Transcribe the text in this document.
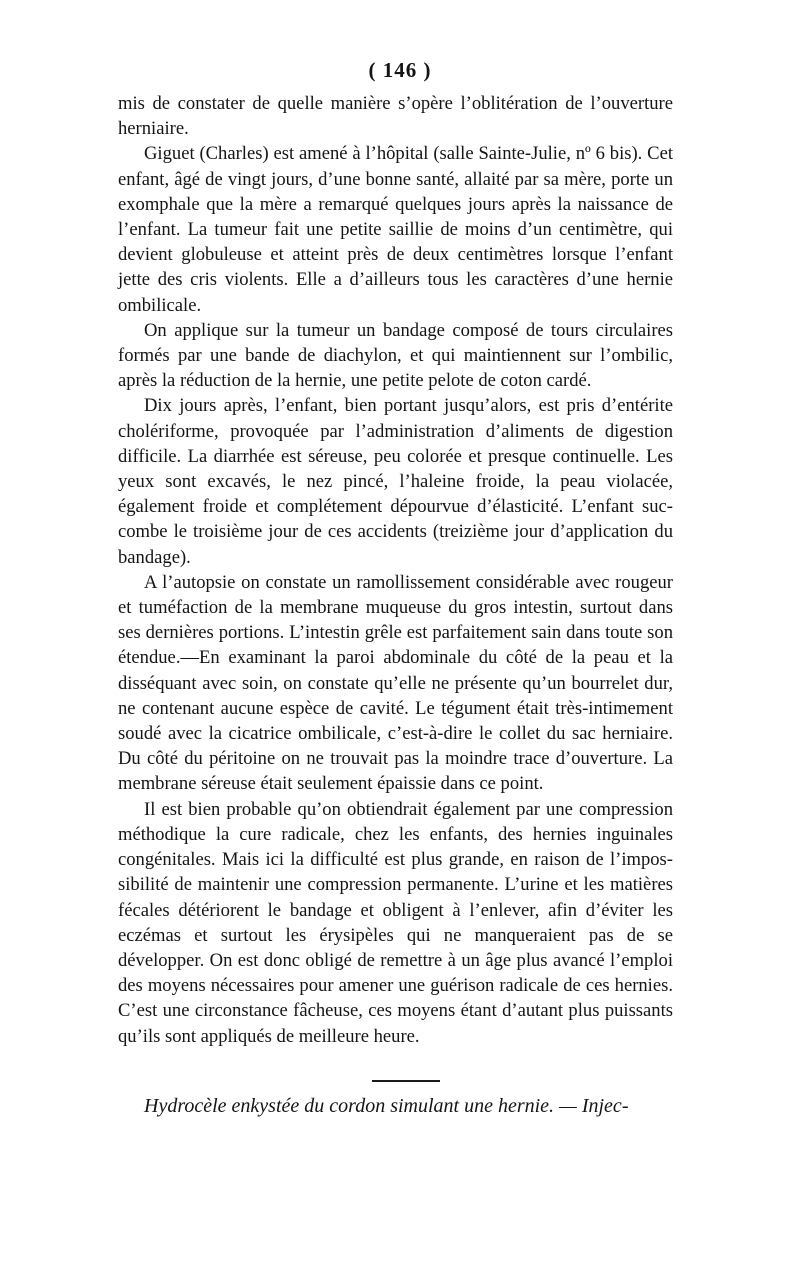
( 146 )

mis de constater de quelle manière s’opère l’oblitération de l’ouverture herniaire.

Giguet (Charles) est amené à l’hôpital (salle Sainte-Julie, nº 6 bis). Cet enfant, âgé de vingt jours, d’une bonne santé, allaité par sa mère, porte un exomphale que la mère a remarqué quelques jours après la naissance de l’enfant. La tumeur fait une petite saillie de moins d’un centimètre, qui devient globuleuse et atteint près de deux centimètres lorsque l’enfant jette des cris violents. Elle a d’ailleurs tous les caractères d’une hernie ombilicale.

On applique sur la tumeur un bandage composé de tours circulaires formés par une bande de diachylon, et qui maintiennent sur l’ombilic, après la réduction de la hernie, une petite pelote de coton cardé.

Dix jours après, l’enfant, bien portant jusqu’alors, est pris d’entérite cholériforme, provoquée par l’administration d’aliments de digestion difficile. La diarrhée est séreuse, peu colorée et presque continuelle. Les yeux sont excavés, le nez pincé, l’haleine froide, la peau violacée, également froide et complétement dépourvue d’élasticité. L’enfant succombe le troisième jour de ces accidents (treizième jour d’application du bandage).

A l’autopsie on constate un ramollissement considérable avec rougeur et tuméfaction de la membrane muqueuse du gros intestin, surtout dans ses dernières portions. L’intestin grêle est parfaitement sain dans toute son étendue.—En examinant la paroi abdominale du côté de la peau et la disséquant avec soin, on constate qu’elle ne présente qu’un bourrelet dur, ne contenant aucune espèce de cavité. Le tégument était très-intimement soudé avec la cicatrice ombilicale, c’est-à-dire le collet du sac herniaire. Du côté du péritoine on ne trouvait pas la moindre trace d’ouverture. La membrane séreuse était seulement épaissie dans ce point.

Il est bien probable qu’on obtiendrait également par une compression méthodique la cure radicale, chez les enfants, des hernies inguinales congénitales. Mais ici la difficulté est plus grande, en raison de l’impossibilité de maintenir une compression permanente. L’urine et les matières fécales détériorent le bandage et obligent à l’enlever, afin d’éviter les eczémas et surtout les érysipèles qui ne manqueraient pas de se développer. On est donc obligé de remettre à un âge plus avancé l’emploi des moyens nécessaires pour amener une guérison radicale de ces hernies. C’est une circonstance fâcheuse, ces moyens étant d’autant plus puissants qu’ils sont appliqués de meilleure heure.

Hydrocèle enkystée du cordon simulant une hernie. — Injec-
